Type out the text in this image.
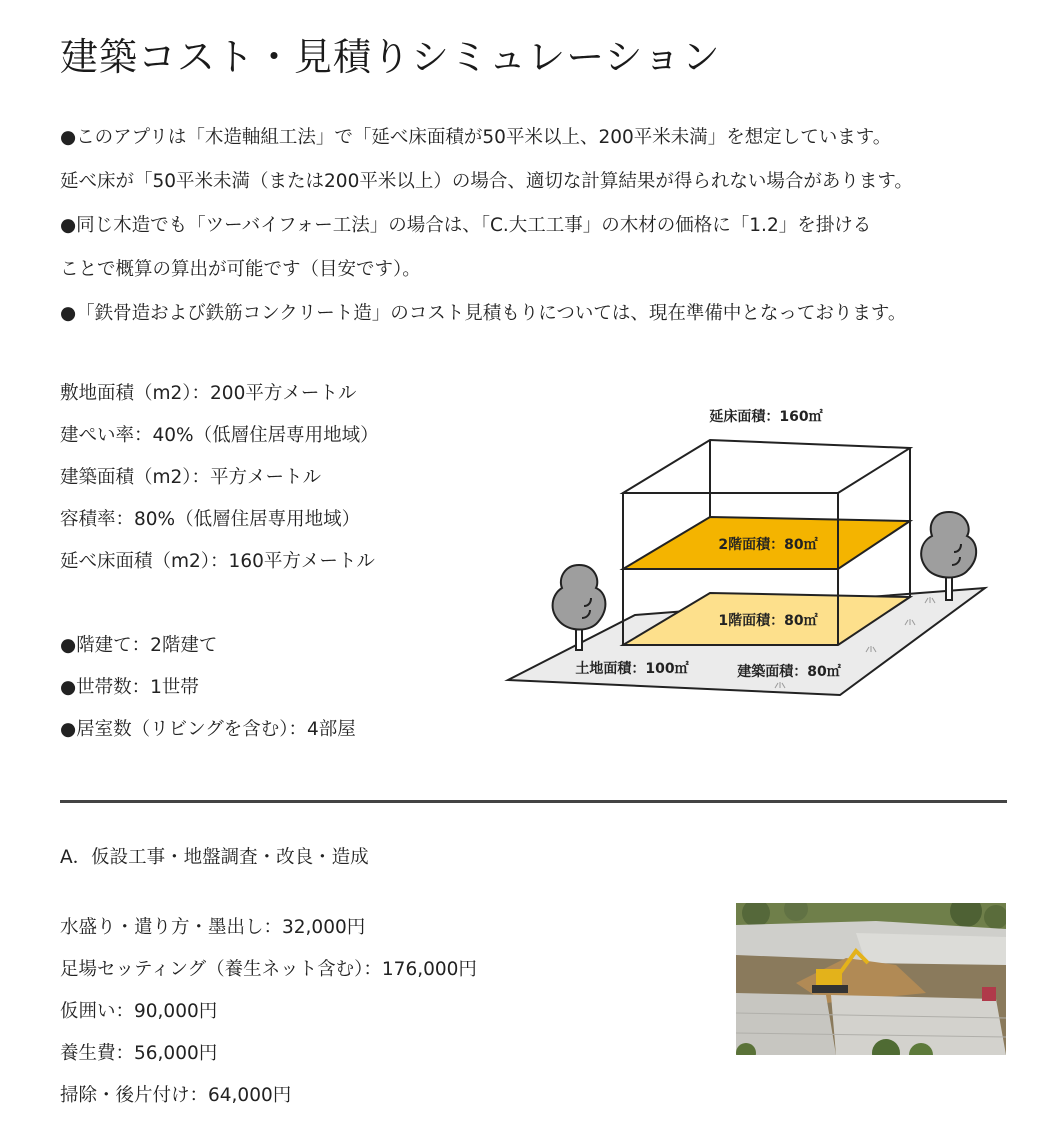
建築コスト・見積りシミュレーション

●このアプリは「木造軸組工法」で「延べ床面積が50平米以上、200平米未満」を想定しています。

延べ床が「50平米未満（または200平米以上）の場合、適切な計算結果が得られない場合があります。

●同じ木造でも「ツーバイフォー工法」の場合は、「C.大工工事」の木材の価格に「1.2」を掛ける

ことで概算の算出が可能です（目安です）。

●「鉄骨造および鉄筋コンクリート造」のコスト見積もりについては、現在準備中となっております。

敷地面積（m2）：200平方メートル

建ぺい率：40%（低層住居専用地域）

建築面積（m2）：平方メートル

容積率：80%（低層住居専用地域）

延べ床面積（m2）：160平方メートル

●階建て：2階建て

●世帯数：1世帯

●居室数（リビングを含む）：4部屋

延床面積：160㎡
2階面積：80㎡
1階面積：80㎡
土地面積：100㎡	建築面積：80㎡
A．仮設工事・地盤調査・改良・造成

水盛り・遣り方・墨出し：32,000円

足場セッティング（養生ネット含む）：176,000円

仮囲い：90,000円

養生費：56,000円

掃除・後片付け：64,000円
